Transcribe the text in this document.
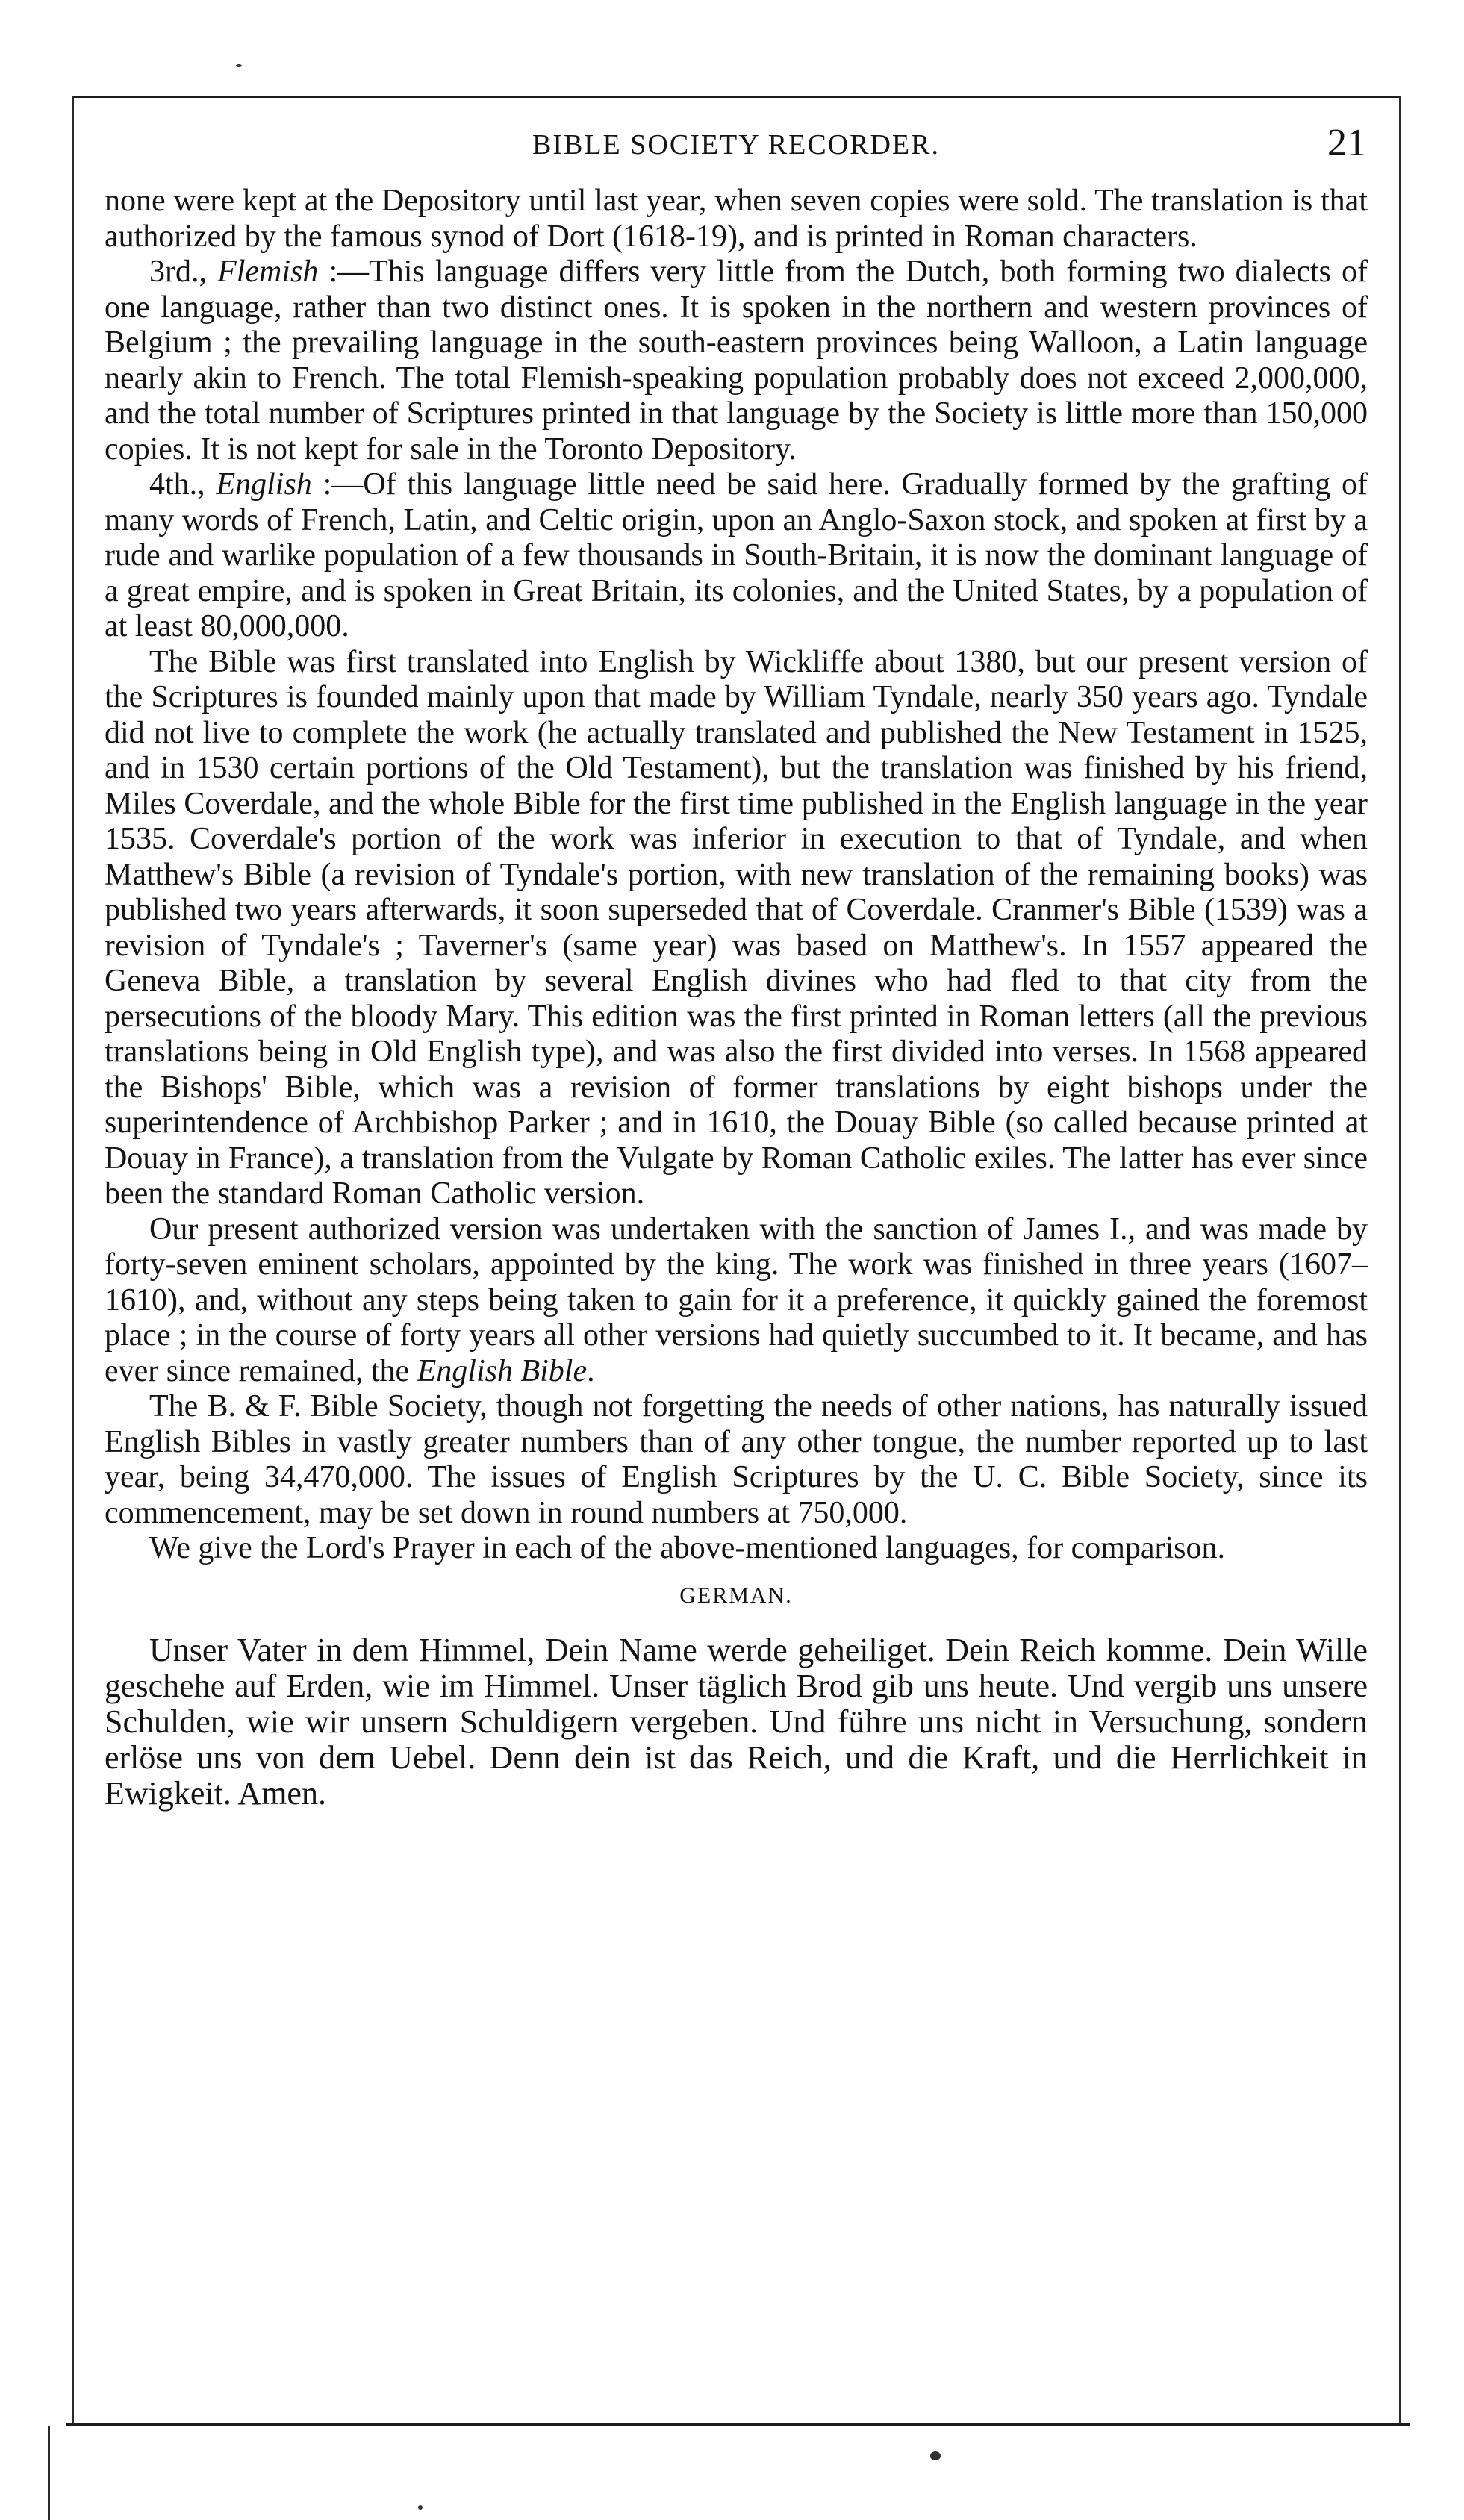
BIBLE SOCIETY RECORDER.	21

none were kept at the Depository until last year, when seven copies were sold. The translation is that authorized by the famous synod of Dort (1618-19), and is printed in Roman characters.

3rd., Flemish :—This language differs very little from the Dutch, both forming two dialects of one language, rather than two distinct ones. It is spoken in the northern and western provinces of Belgium ; the prevailing language in the south-eastern provinces being Walloon, a Latin language nearly akin to French. The total Flemish-speaking population probably does not exceed 2,000,000, and the total number of Scriptures printed in that language by the Society is little more than 150,000 copies. It is not kept for sale in the Toronto Depository.

4th., English :—Of this language little need be said here. Gradually formed by the grafting of many words of French, Latin, and Celtic origin, upon an Anglo-Saxon stock, and spoken at first by a rude and warlike population of a few thousands in South-Britain, it is now the dominant language of a great empire, and is spoken in Great Britain, its colonies, and the United States, by a population of at least 80,000,000.

The Bible was first translated into English by Wickliffe about 1380, but our present version of the Scriptures is founded mainly upon that made by William Tyndale, nearly 350 years ago. Tyndale did not live to complete the work (he actually translated and published the New Testament in 1525, and in 1530 certain portions of the Old Testament), but the translation was finished by his friend, Miles Coverdale, and the whole Bible for the first time published in the English language in the year 1535. Coverdale's portion of the work was inferior in execution to that of Tyndale, and when Matthew's Bible (a revision of Tyndale's portion, with new translation of the remaining books) was published two years afterwards, it soon superseded that of Coverdale. Cranmer's Bible (1539) was a revision of Tyndale's ; Taverner's (same year) was based on Matthew's. In 1557 appeared the Geneva Bible, a translation by several English divines who had fled to that city from the persecutions of the bloody Mary. This edition was the first printed in Roman letters (all the previous translations being in Old English type), and was also the first divided into verses. In 1568 appeared the Bishops' Bible, which was a revision of former translations by eight bishops under the superintendence of Archbishop Parker ; and in 1610, the Douay Bible (so called because printed at Douay in France), a translation from the Vulgate by Roman Catholic exiles. The latter has ever since been the standard Roman Catholic version.

Our present authorized version was undertaken with the sanction of James I., and was made by forty-seven eminent scholars, appointed by the king. The work was finished in three years (1607–1610), and, without any steps being taken to gain for it a preference, it quickly gained the foremost place ; in the course of forty years all other versions had quietly succumbed to it. It became, and has ever since remained, the English Bible.

The B. & F. Bible Society, though not forgetting the needs of other nations, has naturally issued English Bibles in vastly greater numbers than of any other tongue, the number reported up to last year, being 34,470,000. The issues of English Scriptures by the U. C. Bible Society, since its commencement, may be set down in round numbers at 750,000.

We give the Lord's Prayer in each of the above-mentioned languages, for comparison.

GERMAN.

Unser Vater in dem Himmel, Dein Name werde geheiliget. Dein Reich komme. Dein Wille geschehe auf Erden, wie im Himmel. Unser täglich Brod gib uns heute. Und vergib uns unsere Schulden, wie wir unsern Schuldigern vergeben. Und führe uns nicht in Versuchung, sondern erlöse uns von dem Uebel. Denn dein ist das Reich, und die Kraft, und die Herrlichkeit in Ewigkeit. Amen.
